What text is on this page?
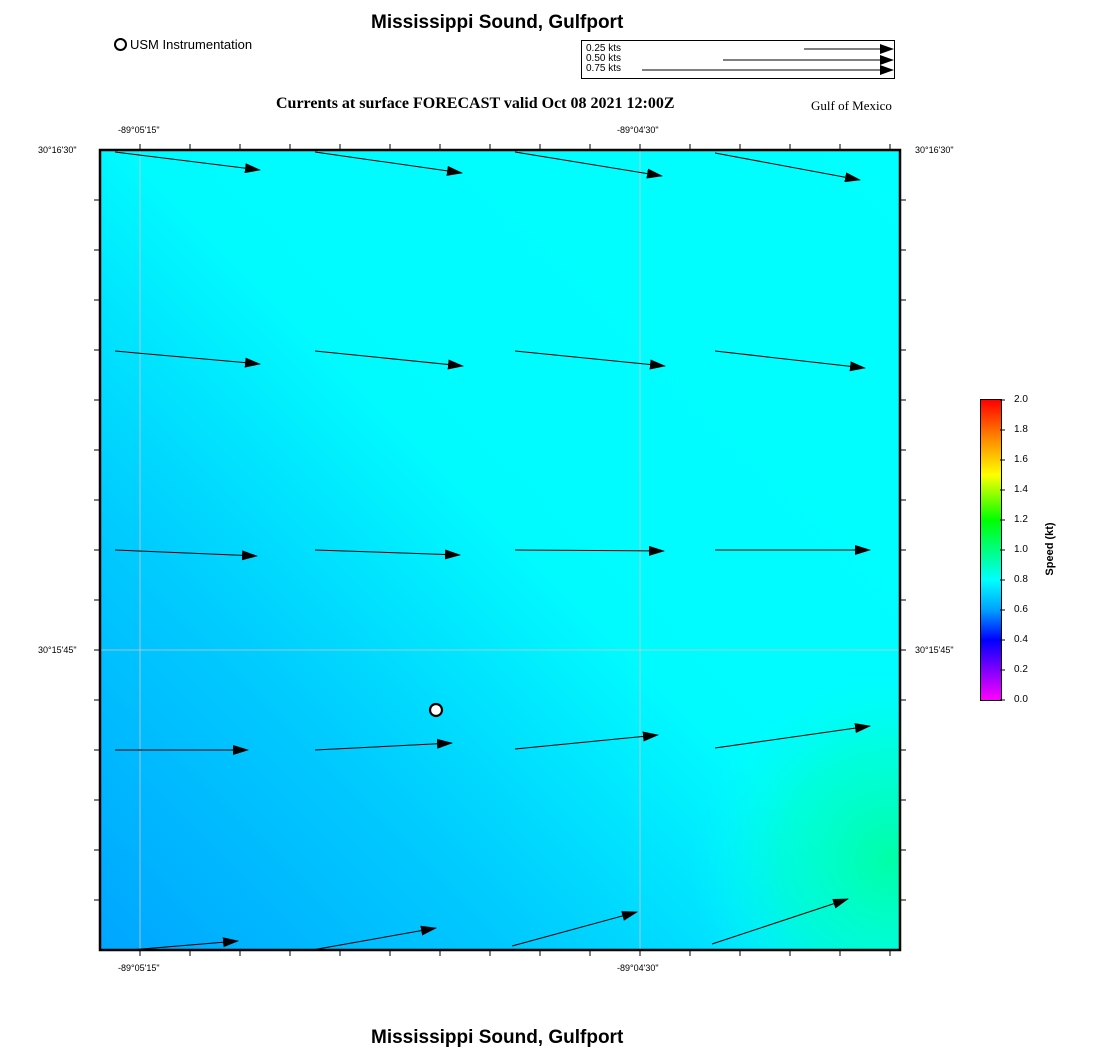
Mississippi Sound, Gulfport
USM Instrumentation	0.25 kts
0.50 kts
0.75 kts
Currents at surface FORECAST valid Oct 08 2021 12:00Z	Gulf of Mexico
-89°05'15"	-89°04'30"
-89°05'15"	-89°04'30"
30°16'30"
30°15'45"
30°16'30"
30°15'45"
2.0
1.8
1.6
1.4
1.2
1.0
0.8
0.6
0.4
0.2
0.0
Speed (kt)
Mississippi Sound, Gulfport
